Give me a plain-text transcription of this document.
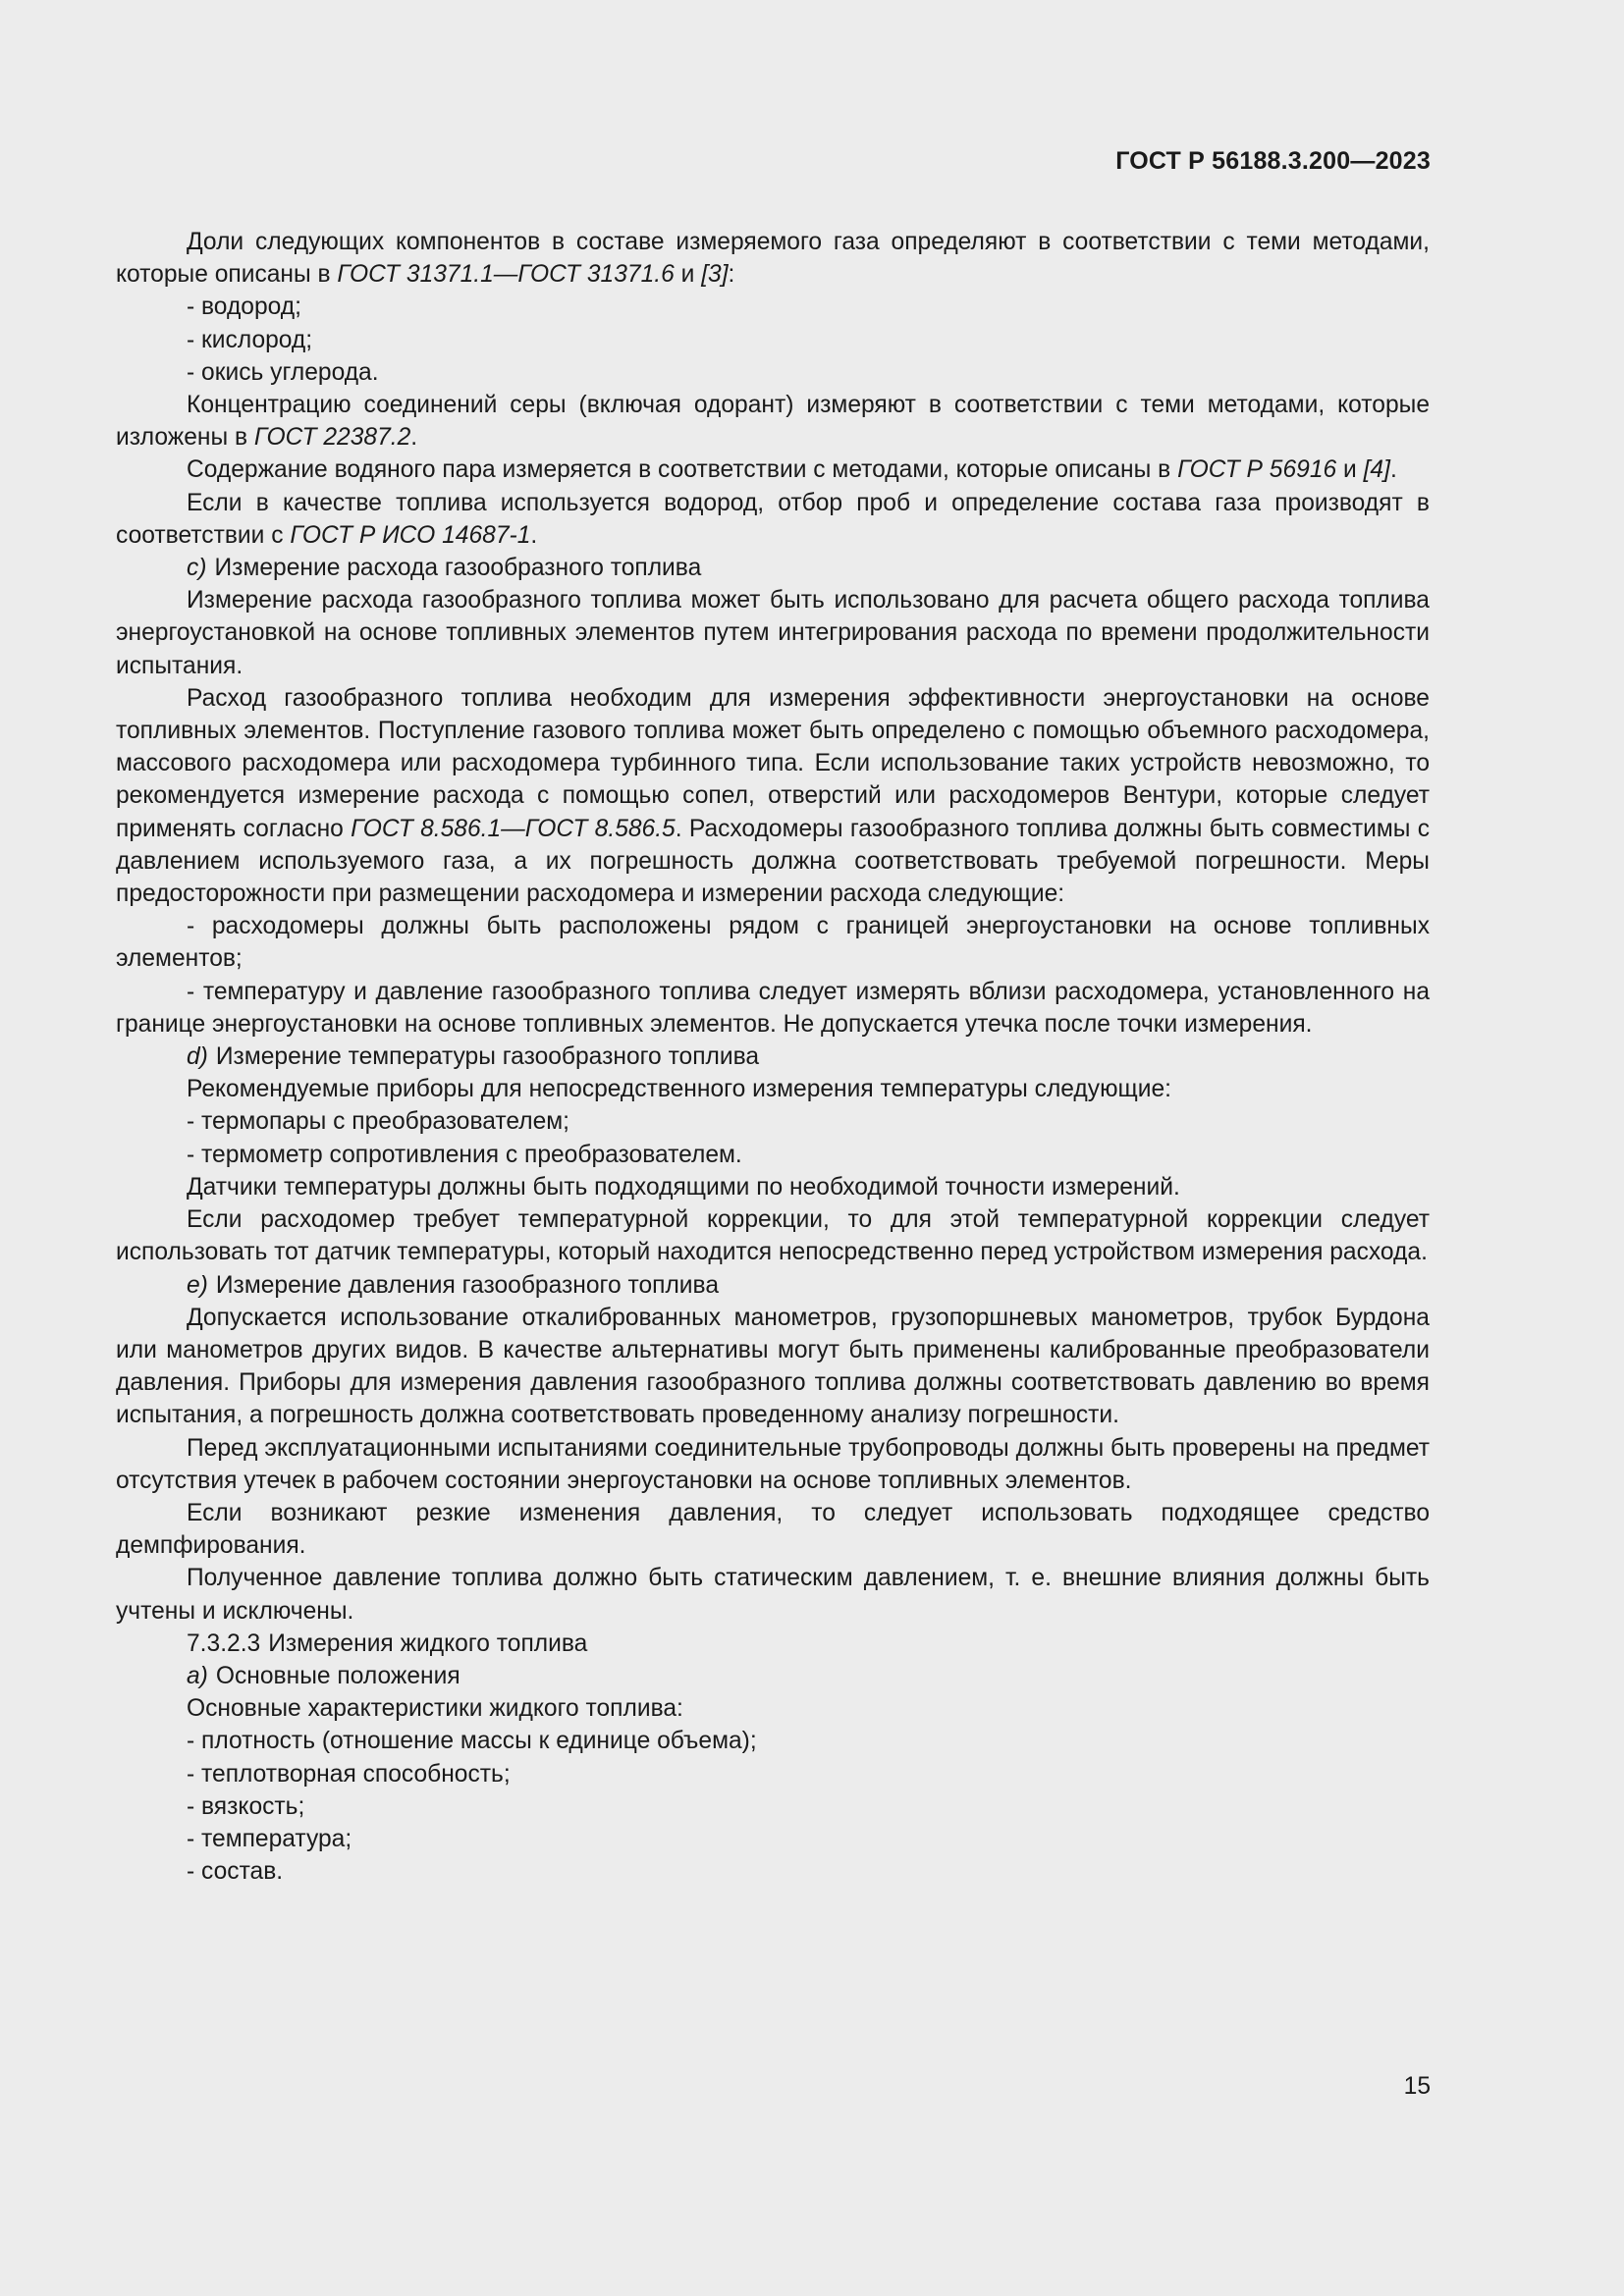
ГОСТ Р 56188.3.200—2023

Доли следующих компонентов в составе измеряемого газа определяют в соответствии с теми методами, которые описаны в ГОСТ 31371.1—ГОСТ 31371.6 и [3]:

- водород;

- кислород;

- окись углерода.

Концентрацию соединений серы (включая одорант) измеряют в соответствии с теми методами, которые изложены в ГОСТ 22387.2.

Содержание водяного пара измеряется в соответствии с методами, которые описаны в ГОСТ Р 56916 и [4].

Если в качестве топлива используется водород, отбор проб и определение состава газа производят в соответствии с ГОСТ Р ИСО 14687-1.

c) Измерение расхода газообразного топлива

Измерение расхода газообразного топлива может быть использовано для расчета общего расхода топлива энергоустановкой на основе топливных элементов путем интегрирования расхода по времени продолжительности испытания.

Расход газообразного топлива необходим для измерения эффективности энергоустановки на основе топливных элементов. Поступление газового топлива может быть определено с помощью объемного расходомера, массового расходомера или расходомера турбинного типа. Если использование таких устройств невозможно, то рекомендуется измерение расхода с помощью сопел, отверстий или расходомеров Вентури, которые следует применять согласно ГОСТ 8.586.1—ГОСТ 8.586.5. Расходомеры газообразного топлива должны быть совместимы с давлением используемого газа, а их погрешность должна соответствовать требуемой погрешности. Меры предосторожности при размещении расходомера и измерении расхода следующие:

- расходомеры должны быть расположены рядом с границей энергоустановки на основе топливных элементов;

- температуру и давление газообразного топлива следует измерять вблизи расходомера, установленного на границе энергоустановки на основе топливных элементов. Не допускается утечка после точки измерения.

d) Измерение температуры газообразного топлива

Рекомендуемые приборы для непосредственного измерения температуры следующие:

- термопары с преобразователем;

- термометр сопротивления с преобразователем.

Датчики температуры должны быть подходящими по необходимой точности измерений.

Если расходомер требует температурной коррекции, то для этой температурной коррекции следует использовать тот датчик температуры, который находится непосредственно перед устройством измерения расхода.

e) Измерение давления газообразного топлива

Допускается использование откалиброванных манометров, грузопоршневых манометров, трубок Бурдона или манометров других видов. В качестве альтернативы могут быть применены калиброванные преобразователи давления. Приборы для измерения давления газообразного топлива должны соответствовать давлению во время испытания, а погрешность должна соответствовать проведенному анализу погрешности.

Перед эксплуатационными испытаниями соединительные трубопроводы должны быть проверены на предмет отсутствия утечек в рабочем состоянии энергоустановки на основе топливных элементов.

Если возникают резкие изменения давления, то следует использовать подходящее средство демпфирования.

Полученное давление топлива должно быть статическим давлением, т. е. внешние влияния должны быть учтены и исключены.

7.3.2.3 Измерения жидкого топлива

a) Основные положения

Основные характеристики жидкого топлива:

- плотность (отношение массы к единице объема);

- теплотворная способность;

- вязкость;

- температура;

- состав.

15
